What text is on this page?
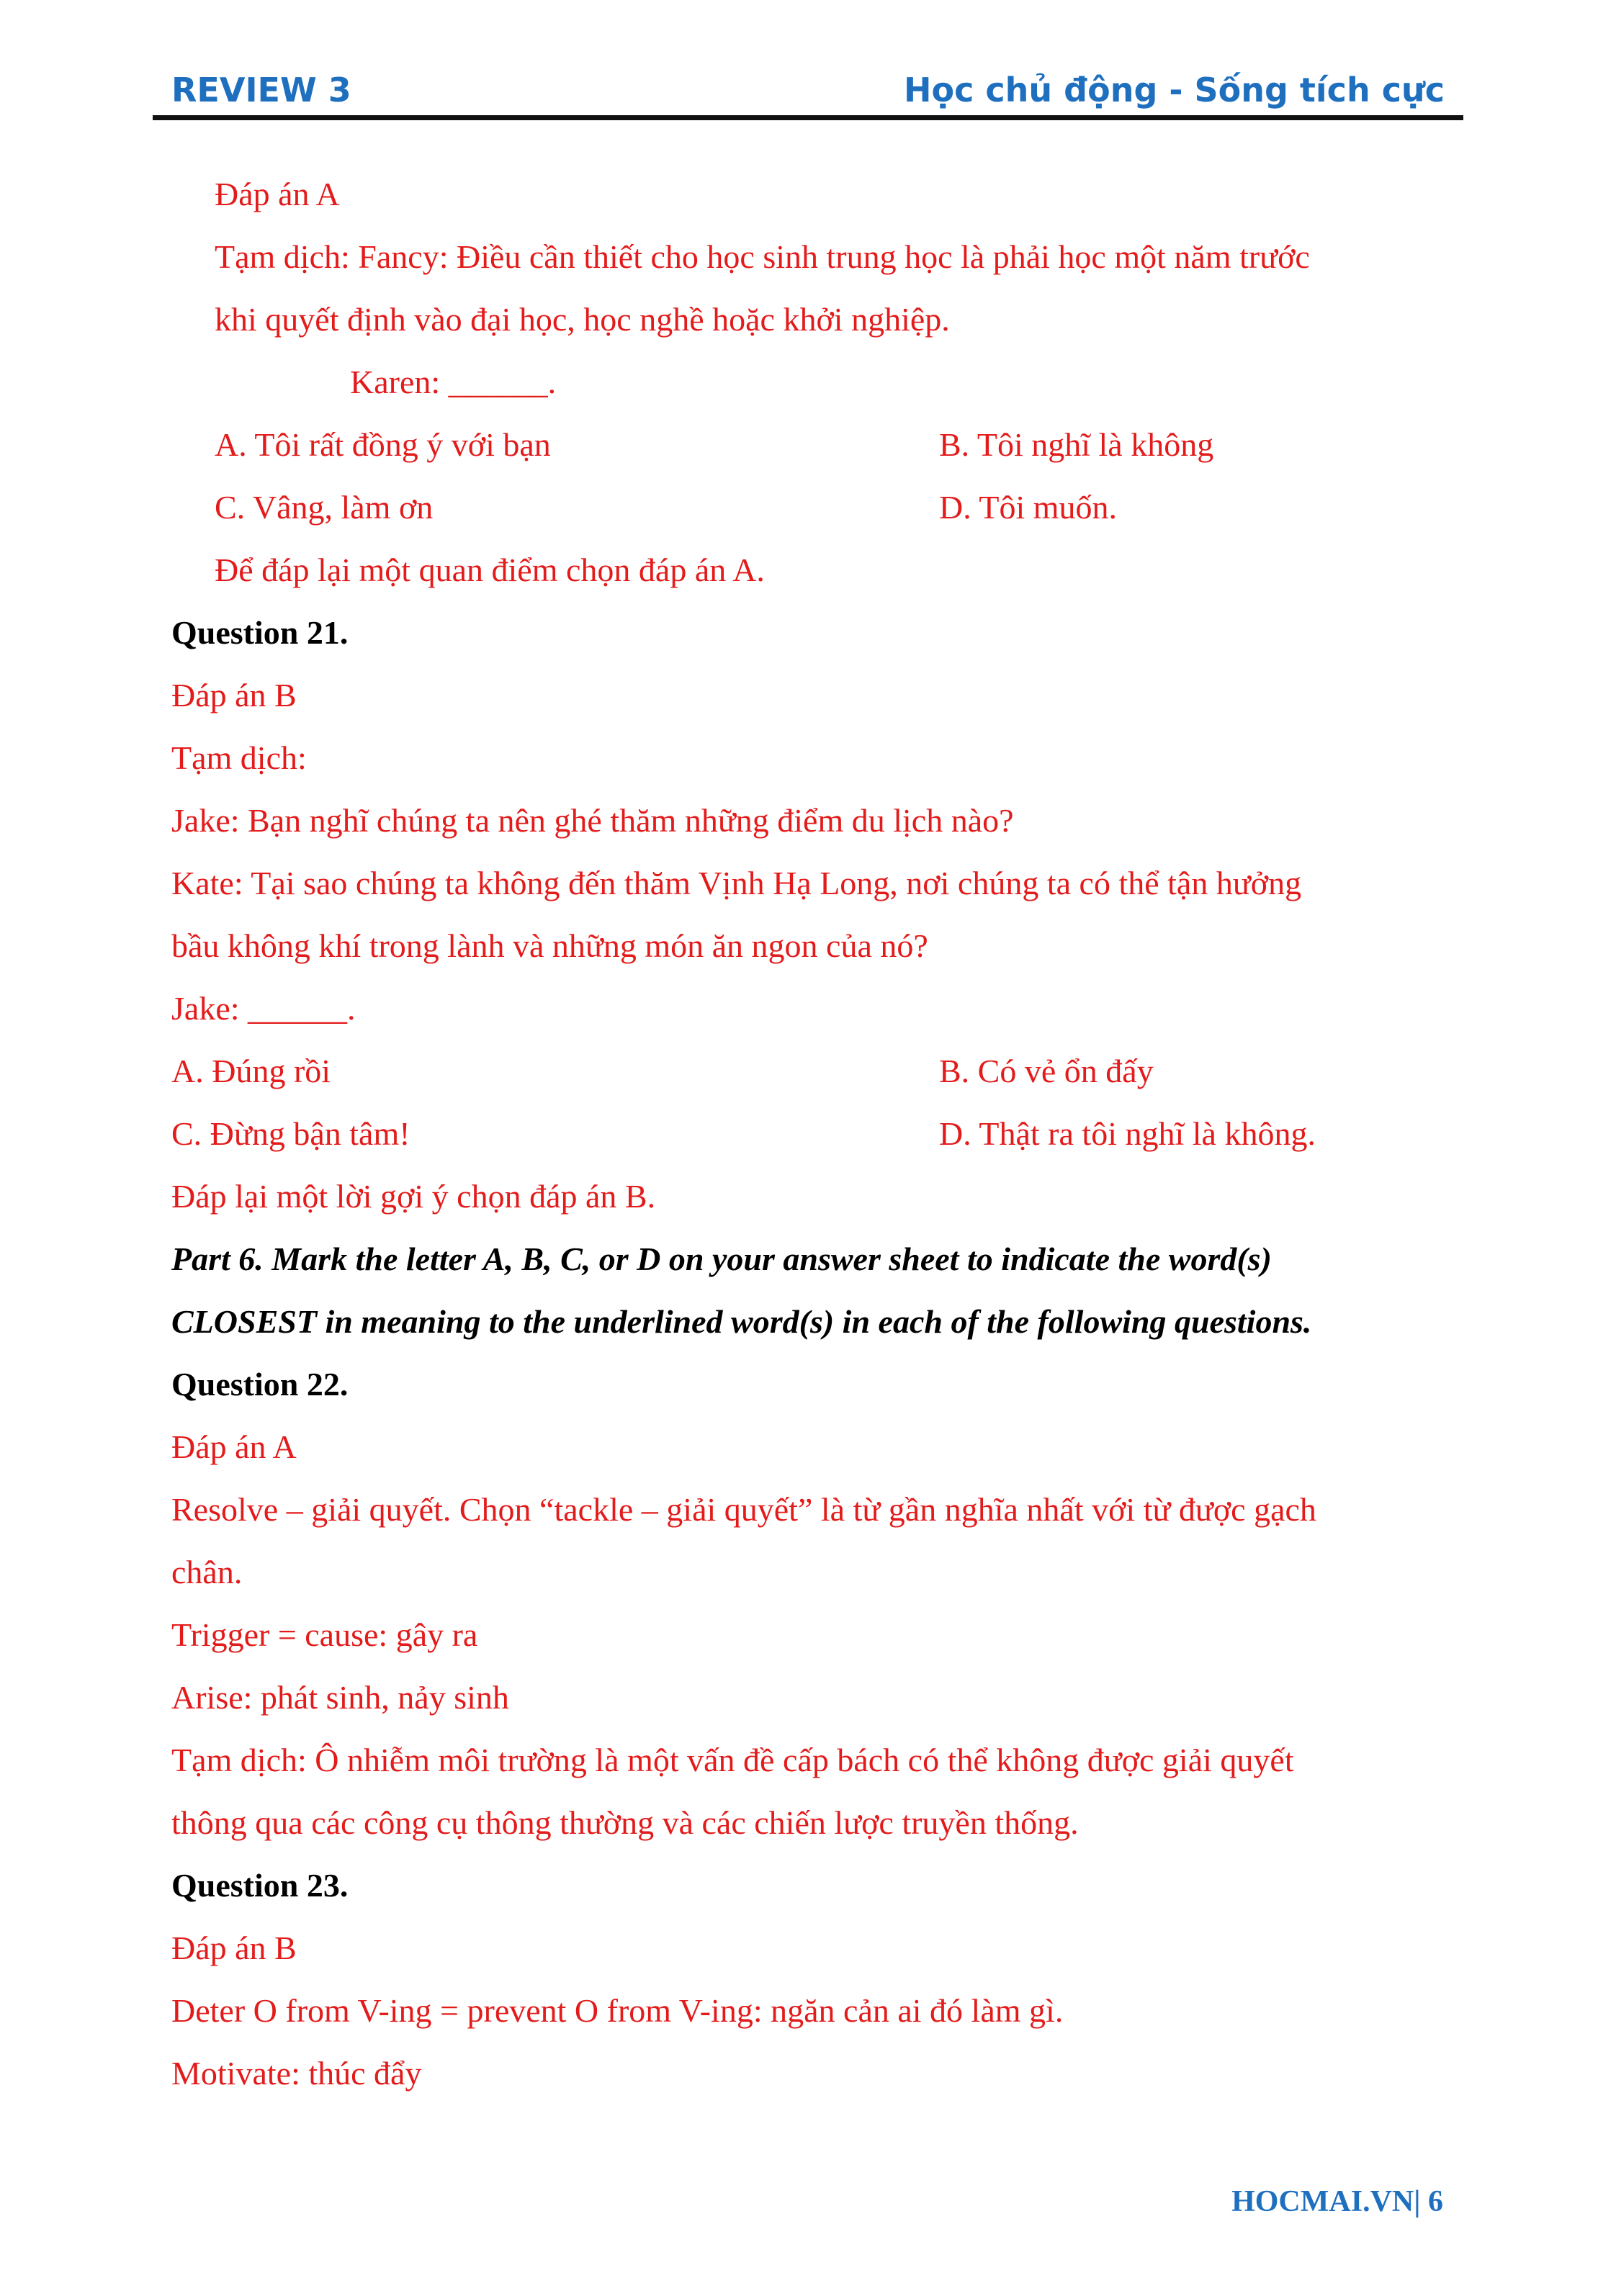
REVIEW 3	Học chủ động - Sống tích cực
Đáp án A
Tạm dịch: Fancy: Điều cần thiết cho học sinh trung học là phải học một năm trước
khi quyết định vào đại học, học nghề hoặc khởi nghiệp.
Karen: ______.
A. Tôi rất đồng ý với bạn	B. Tôi nghĩ là không
C. Vâng, làm ơn	D. Tôi muốn.
Để đáp lại một quan điểm chọn đáp án A.
Question 21.
Đáp án B
Tạm dịch:
Jake: Bạn nghĩ chúng ta nên ghé thăm những điểm du lịch nào?
Kate: Tại sao chúng ta không đến thăm Vịnh Hạ Long, nơi chúng ta có thể tận hưởng
bầu không khí trong lành và những món ăn ngon của nó?
Jake: ______.
A. Đúng rồi	B. Có vẻ ổn đấy
C. Đừng bận tâm!	D. Thật ra tôi nghĩ là không.
Đáp lại một lời gợi ý chọn đáp án B.
Part 6. Mark the letter A, B, C, or D on your answer sheet to indicate the word(s)
CLOSEST in meaning to the underlined word(s) in each of the following questions.
Question 22.
Đáp án A
Resolve – giải quyết. Chọn “tackle – giải quyết” là từ gần nghĩa nhất với từ được gạch
chân.
Trigger = cause: gây ra
Arise: phát sinh, nảy sinh
Tạm dịch: Ô nhiễm môi trường là một vấn đề cấp bách có thể không được giải quyết
thông qua các công cụ thông thường và các chiến lược truyền thống.
Question 23.
Đáp án B
Deter O from V-ing = prevent O from V-ing: ngăn cản ai đó làm gì.
Motivate: thúc đẩy
HOCMAI.VN| 6
